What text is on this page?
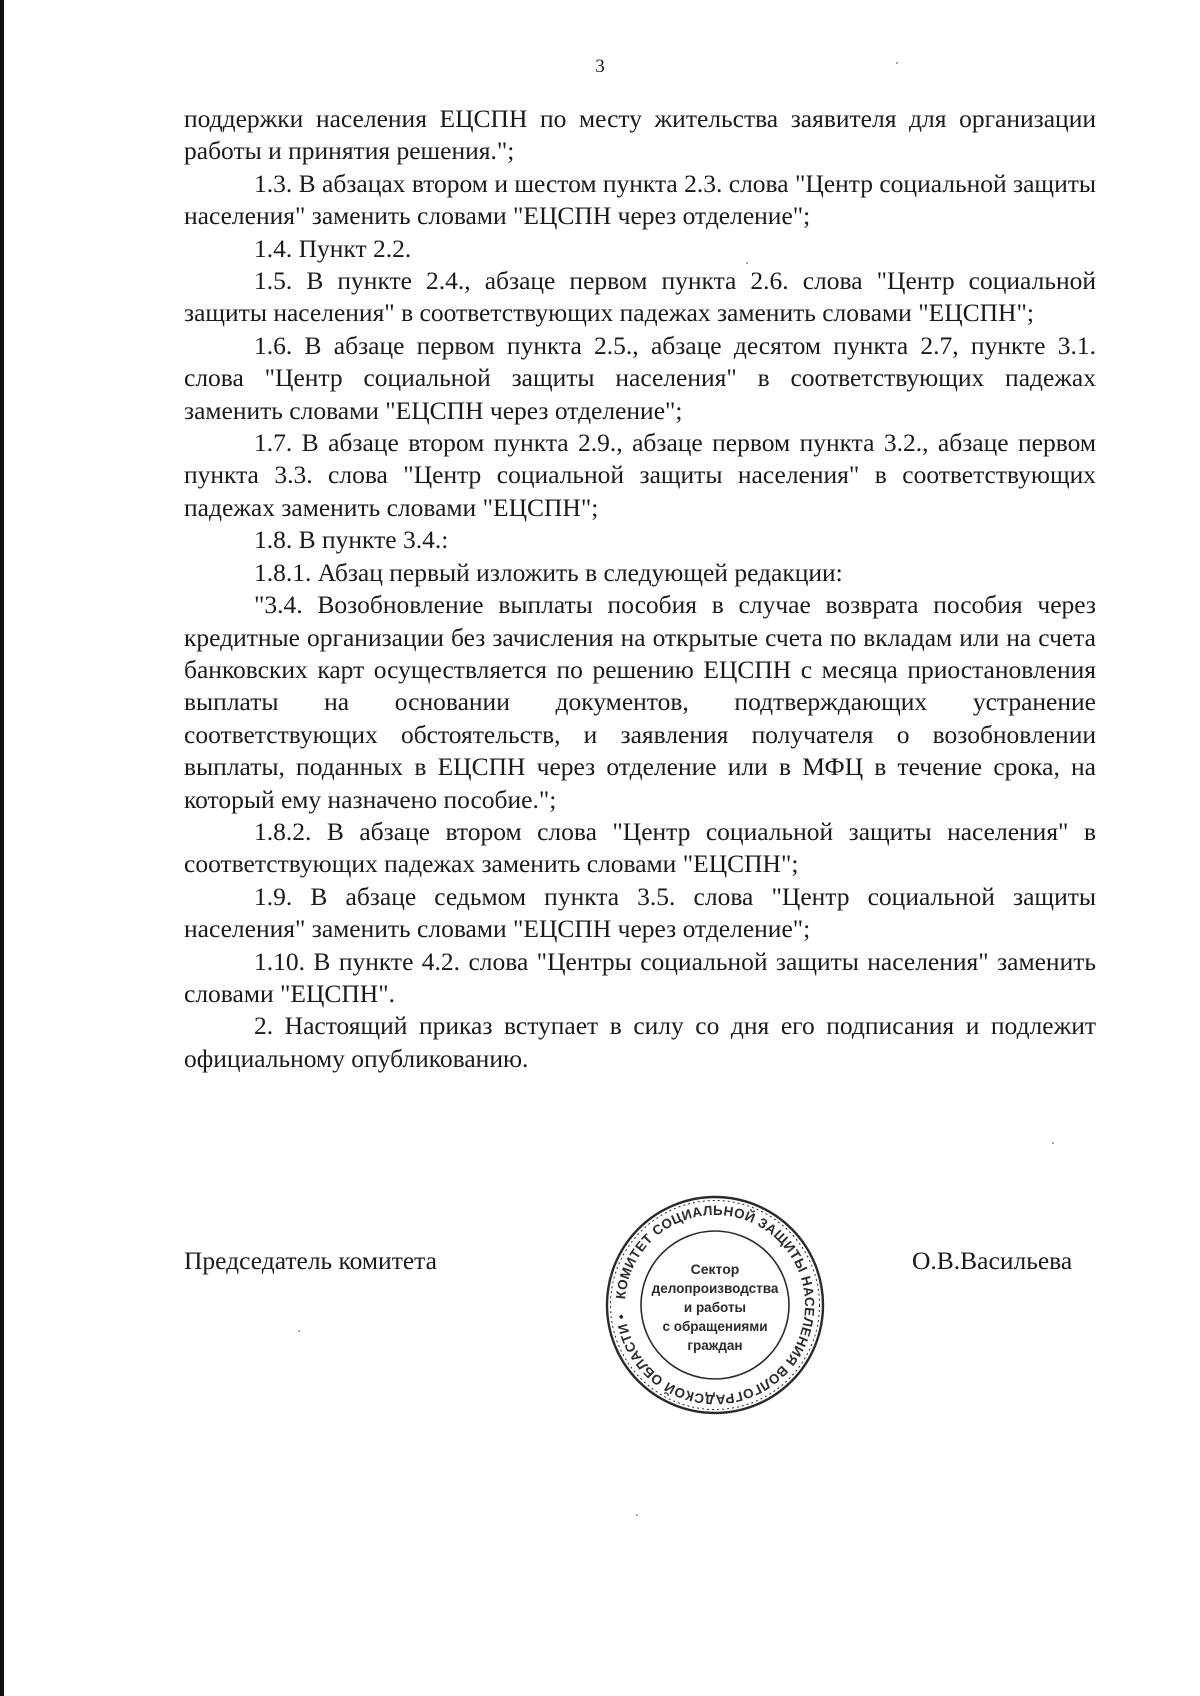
3

поддержки населения ЕЦСПН по месту жительства заявителя для организации работы и принятия решения.";

1.3. В абзацах втором и шестом пункта 2.3. слова "Центр социальной защиты населения" заменить словами "ЕЦСПН через отделение";

1.4. Пункт 2.2.

1.5. В пункте 2.4., абзаце первом пункта 2.6. слова "Центр социальной защиты населения" в соответствующих падежах заменить словами "ЕЦСПН";

1.6. В абзаце первом пункта 2.5., абзаце десятом пункта 2.7, пункте 3.1. слова "Центр социальной защиты населения" в соответствующих падежах заменить словами "ЕЦСПН через отделение";

1.7. В абзаце втором пункта 2.9., абзаце первом пункта 3.2., абзаце первом пункта 3.3. слова "Центр социальной защиты населения" в соответствующих падежах заменить словами "ЕЦСПН";

1.8. В пункте 3.4.:

1.8.1. Абзац первый изложить в следующей редакции:

"3.4. Возобновление выплаты пособия в случае возврата пособия через кредитные организации без зачисления на открытые счета по вкладам или на счета банковских карт осуществляется по решению ЕЦСПН с месяца приостановления выплаты на основании документов, подтверждающих устранение соответствующих обстоятельств, и заявления получателя о возобновлении выплаты, поданных в ЕЦСПН через отделение или в МФЦ в течение срока, на который ему назначено пособие.";

1.8.2. В абзаце втором слова "Центр социальной защиты населения" в соответствующих падежах заменить словами "ЕЦСПН";

1.9. В абзаце седьмом пункта 3.5. слова "Центр социальной защиты населения" заменить словами "ЕЦСПН через отделение";

1.10. В пункте 4.2. слова "Центры социальной защиты населения" заменить словами "ЕЦСПН".

2. Настоящий приказ вступает в силу со дня его подписания и подлежит официальному опубликованию.

Председатель комитета	О.В.Васильева
КОМИТЕТ СОЦИАЛЬНОЙ ЗАЩИТЫ НАСЕЛЕНИЯ ВОЛГОГРАДСКОЙ ОБЛАСТИ •
Сектор
делопроизводства
и работы
с обращениями
граждан
